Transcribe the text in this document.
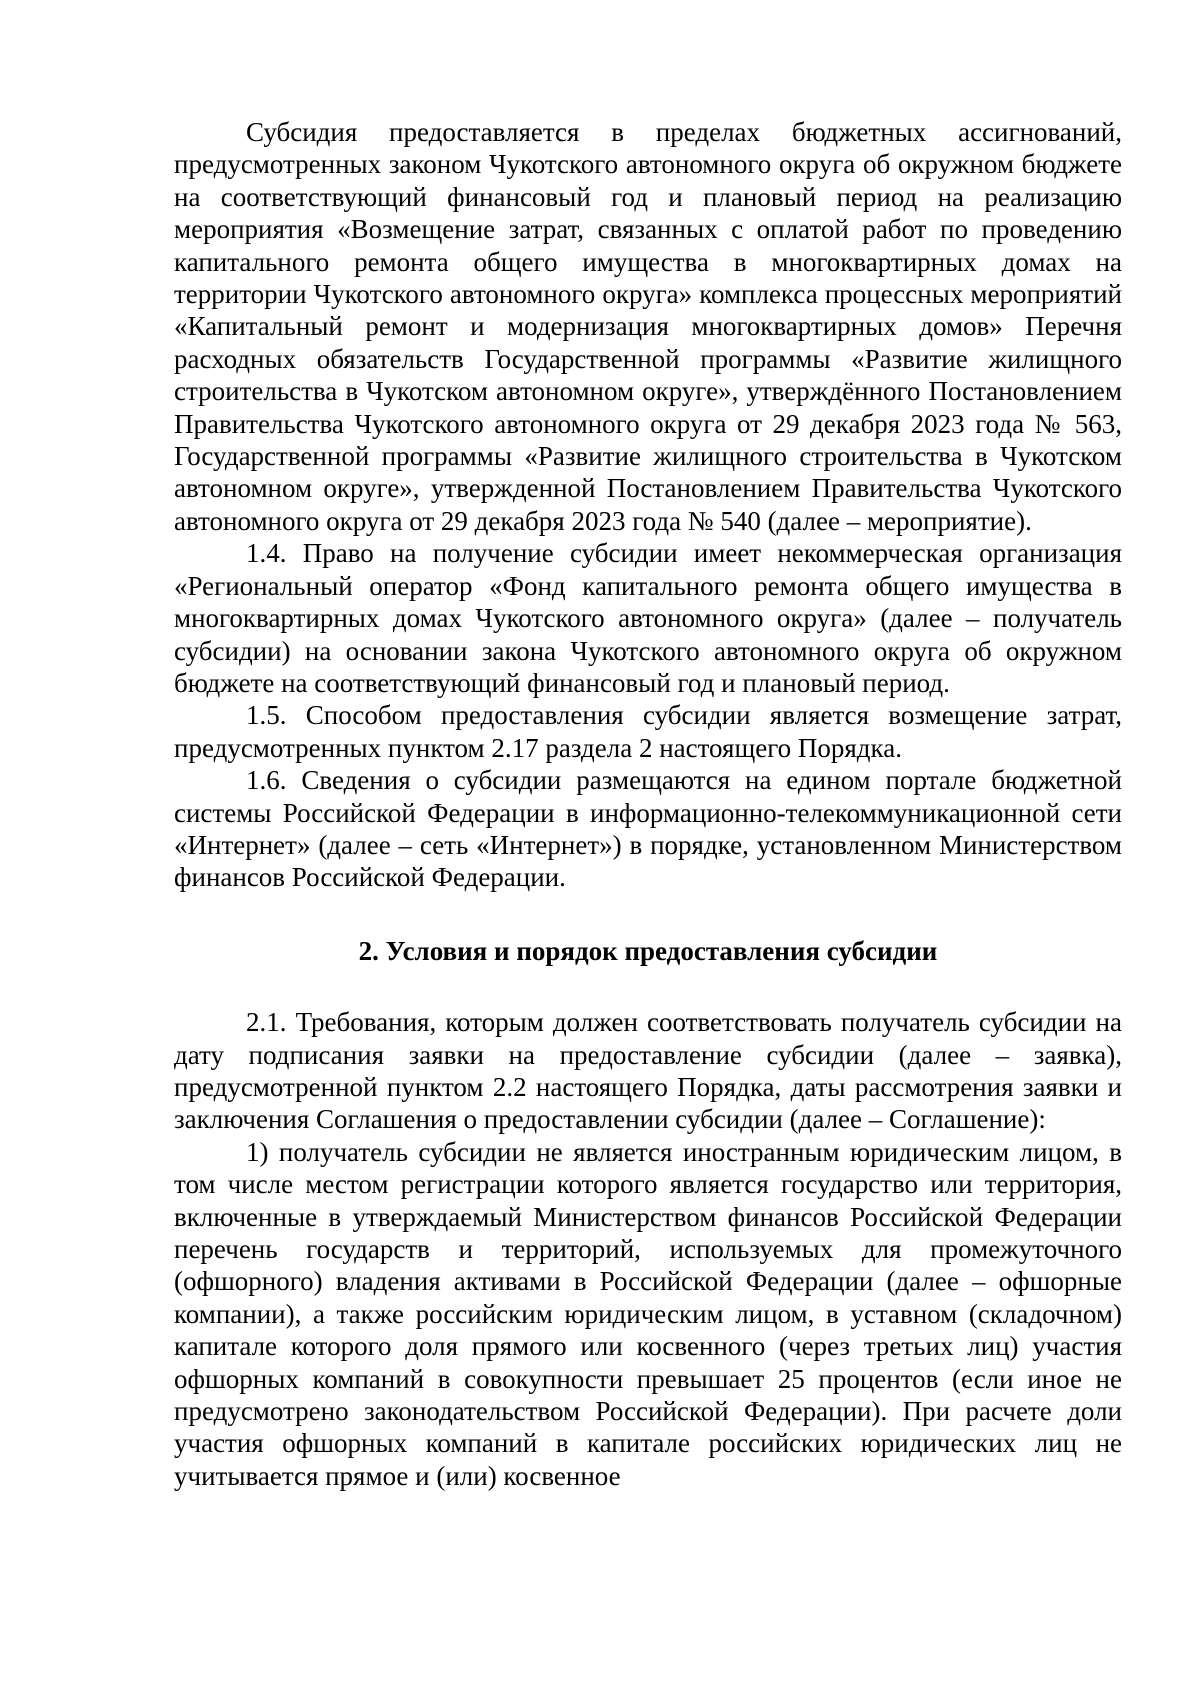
Субсидия предоставляется в пределах бюджетных ассигнований, предусмотренных законом Чукотского автономного округа об окружном бюджете на соответствующий финансовый год и плановый период на реализацию мероприятия «Возмещение затрат, связанных с оплатой работ по проведению капитального ремонта общего имущества в многоквартирных домах на территории Чукотского автономного округа» комплекса процессных мероприятий «Капитальный ремонт и модернизация многоквартирных домов» Перечня расходных обязательств Государственной программы «Развитие жилищного строительства в Чукотском автономном округе», утверждённого Постановлением Правительства Чукотского автономного округа от 29 декабря 2023 года № 563, Государственной программы «Развитие жилищного строительства в Чукотском автономном округе», утвержденной Постановлением Правительства Чукотского автономного округа от 29 декабря 2023 года № 540 (далее – мероприятие).

1.4. Право на получение субсидии имеет некоммерческая организация «Региональный оператор «Фонд капитального ремонта общего имущества в многоквартирных домах Чукотского автономного округа» (далее – получатель субсидии) на основании закона Чукотского автономного округа об окружном бюджете на соответствующий финансовый год и плановый период.

1.5. Способом предоставления субсидии является возмещение затрат, предусмотренных пунктом 2.17 раздела 2 настоящего Порядка.

1.6. Сведения о субсидии размещаются на едином портале бюджетной системы Российской Федерации в информационно-телекоммуникационной сети «Интернет» (далее – сеть «Интернет») в порядке, установленном Министерством финансов Российской Федерации.

2. Условия и порядок предоставления субсидии

2.1. Требования, которым должен соответствовать получатель субсидии на дату подписания заявки на предоставление субсидии (далее – заявка), предусмотренной пунктом 2.2 настоящего Порядка, даты рассмотрения заявки и заключения Соглашения о предоставлении субсидии (далее – Соглашение):

1) получатель субсидии не является иностранным юридическим лицом, в том числе местом регистрации которого является государство или территория, включенные в утверждаемый Министерством финансов Российской Федерации перечень государств и территорий, используемых для промежуточного (офшорного) владения активами в Российской Федерации (далее – офшорные компании), а также российским юридическим лицом, в уставном (складочном) капитале которого доля прямого или косвенного (через третьих лиц) участия офшорных компаний в совокупности превышает 25 процентов (если иное не предусмотрено законодательством Российской Федерации). При расчете доли участия офшорных компаний в капитале российских юридических лиц не учитывается прямое и (или) косвенное
